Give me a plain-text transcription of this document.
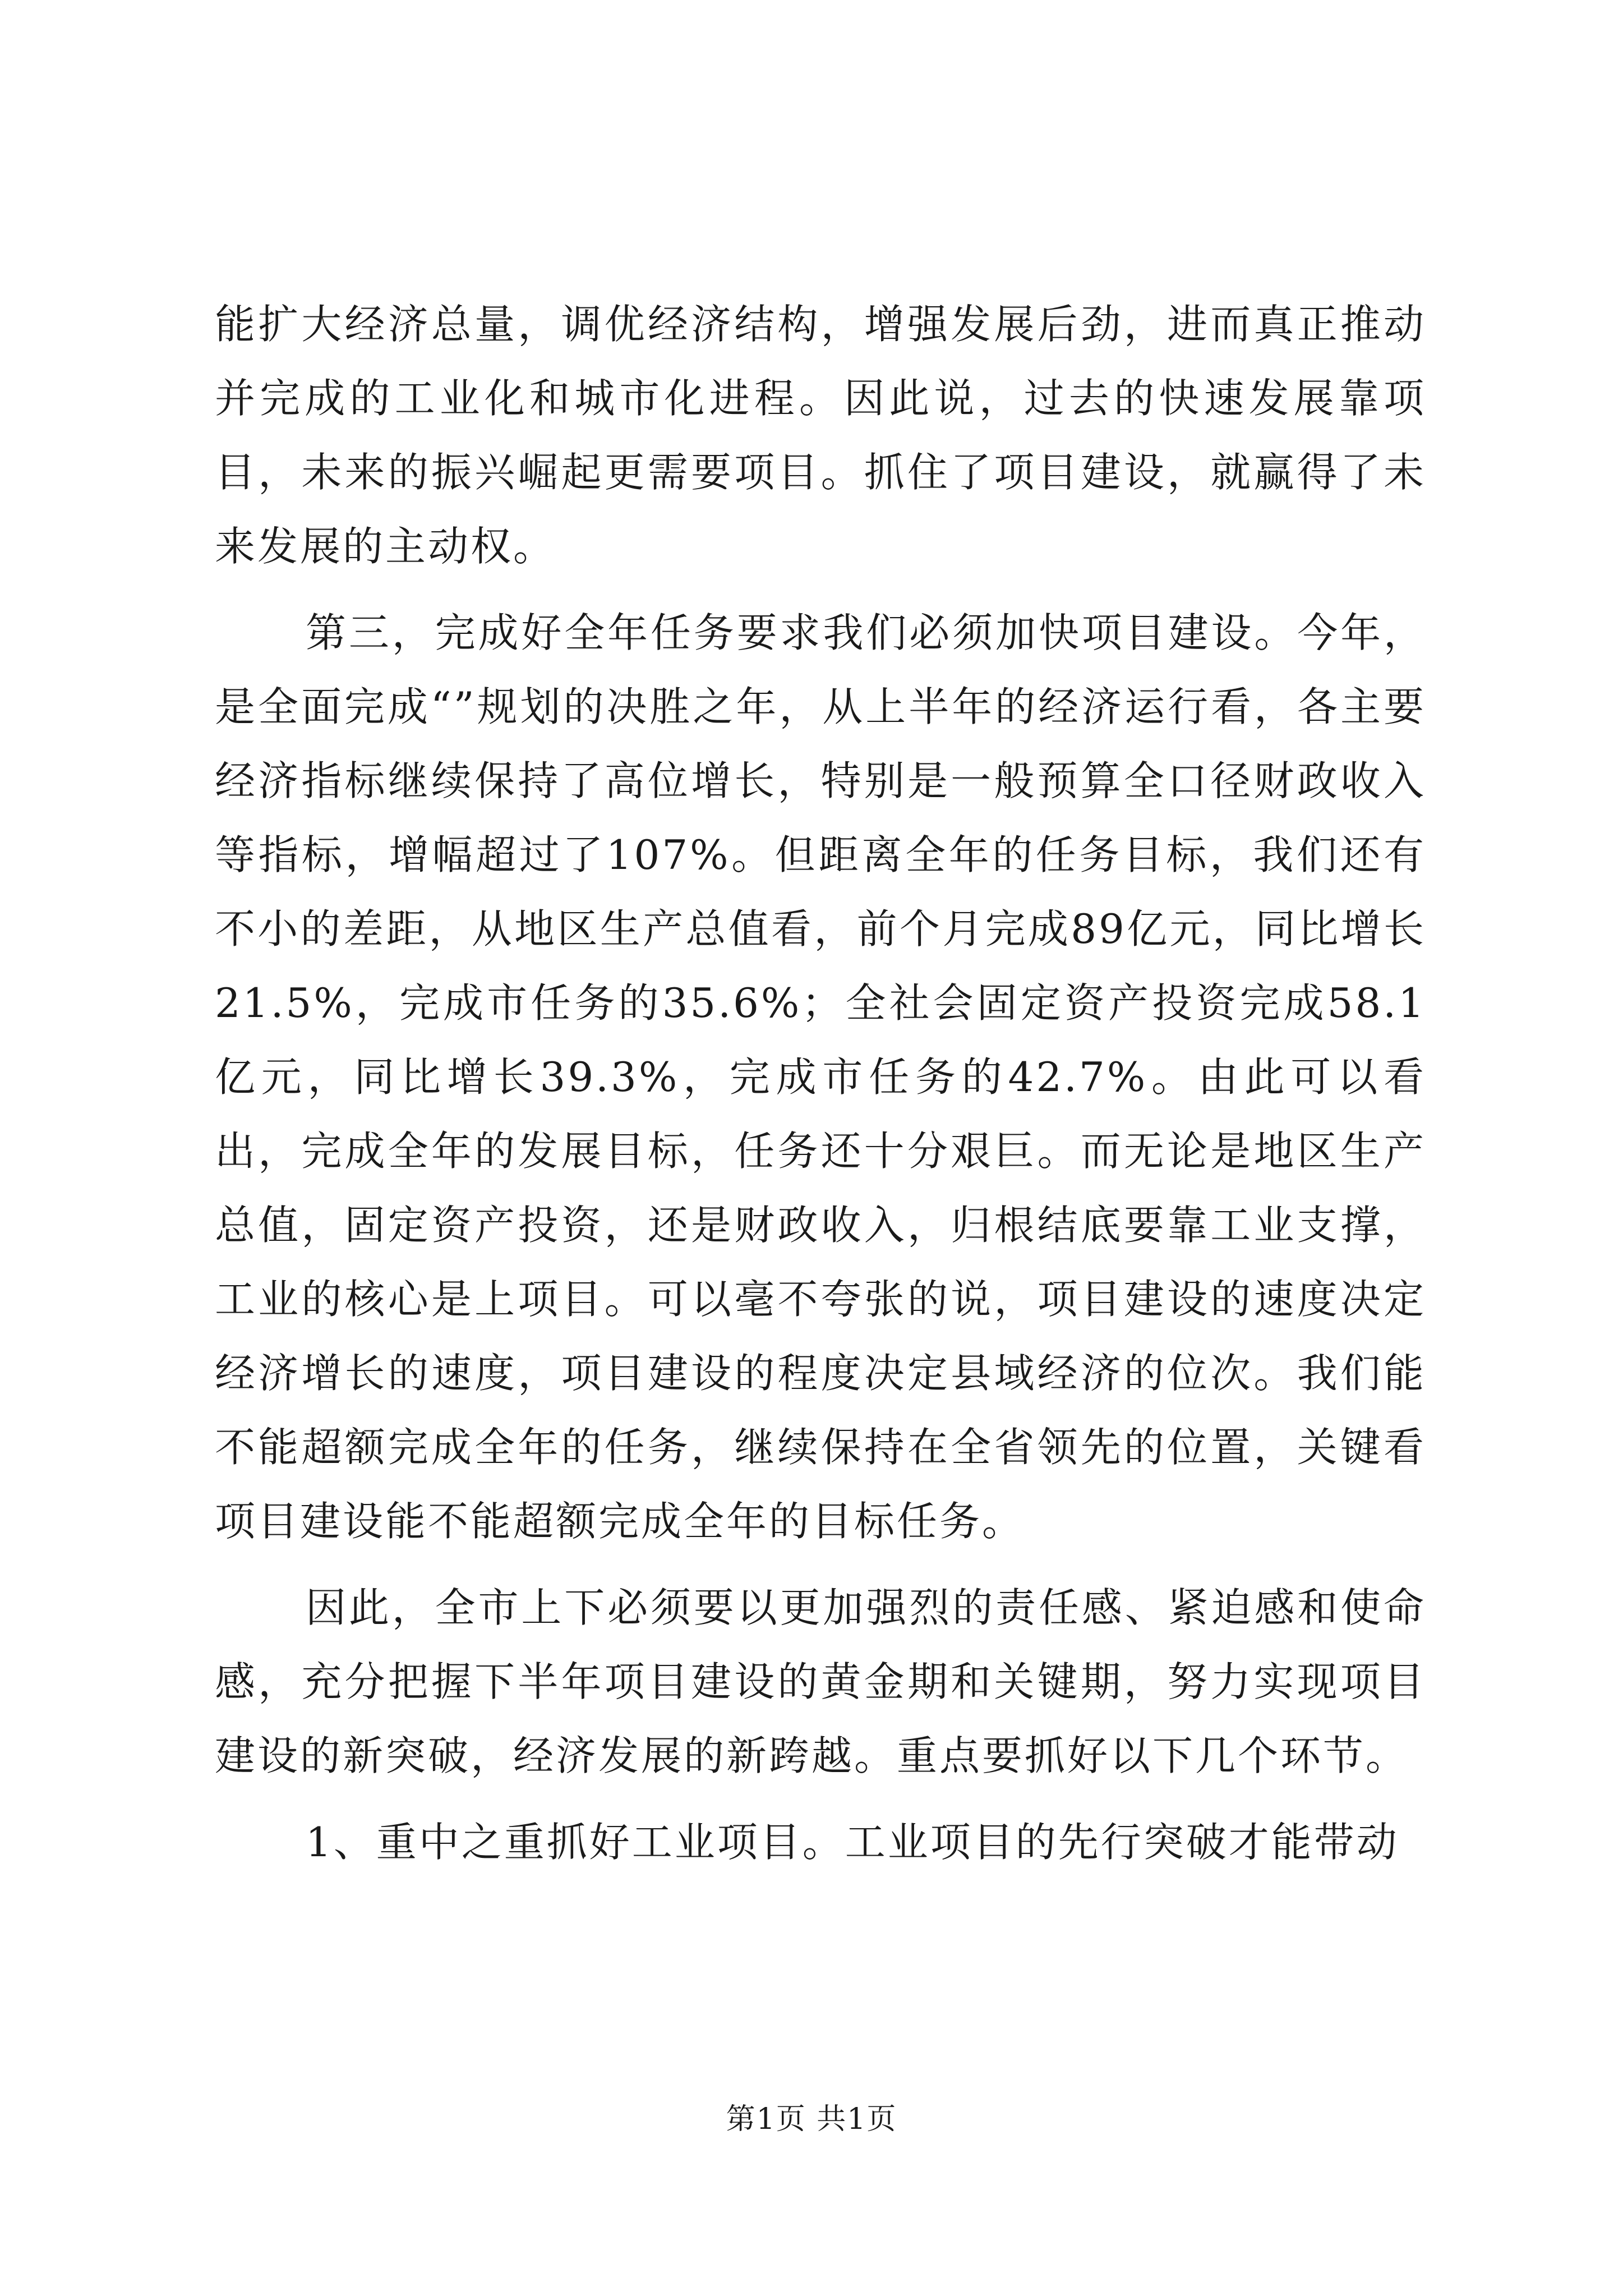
能扩大经济总量，调优经济结构，增强发展后劲，进而真正推动并完成的工业化和城市化进程。因此说，过去的快速发展靠项目，未来的振兴崛起更需要项目。抓住了项目建设，就赢得了未来发展的主动权。

第三，完成好全年任务要求我们必须加快项目建设。今年，是全面完成“”规划的决胜之年，从上半年的经济运行看，各主要经济指标继续保持了高位增长，特别是一般预算全口径财政收入等指标，增幅超过了107%。但距离全年的任务目标，我们还有不小的差距，从地区生产总值看，前个月完成89亿元，同比增长21.5%，完成市任务的35.6%；全社会固定资产投资完成58.1亿元，同比增长39.3%，完成市任务的42.7%。由此可以看出，完成全年的发展目标，任务还十分艰巨。而无论是地区生产总值，固定资产投资，还是财政收入，归根结底要靠工业支撑，工业的核心是上项目。可以毫不夸张的说，项目建设的速度决定经济增长的速度，项目建设的程度决定县域经济的位次。我们能不能超额完成全年的任务，继续保持在全省领先的位置，关键看项目建设能不能超额完成全年的目标任务。

因此，全市上下必须要以更加强烈的责任感、紧迫感和使命感，充分把握下半年项目建设的黄金期和关键期，努力实现项目建设的新突破，经济发展的新跨越。重点要抓好以下几个环节。

1、重中之重抓好工业项目。工业项目的先行突破才能带动

第1页 共1页
